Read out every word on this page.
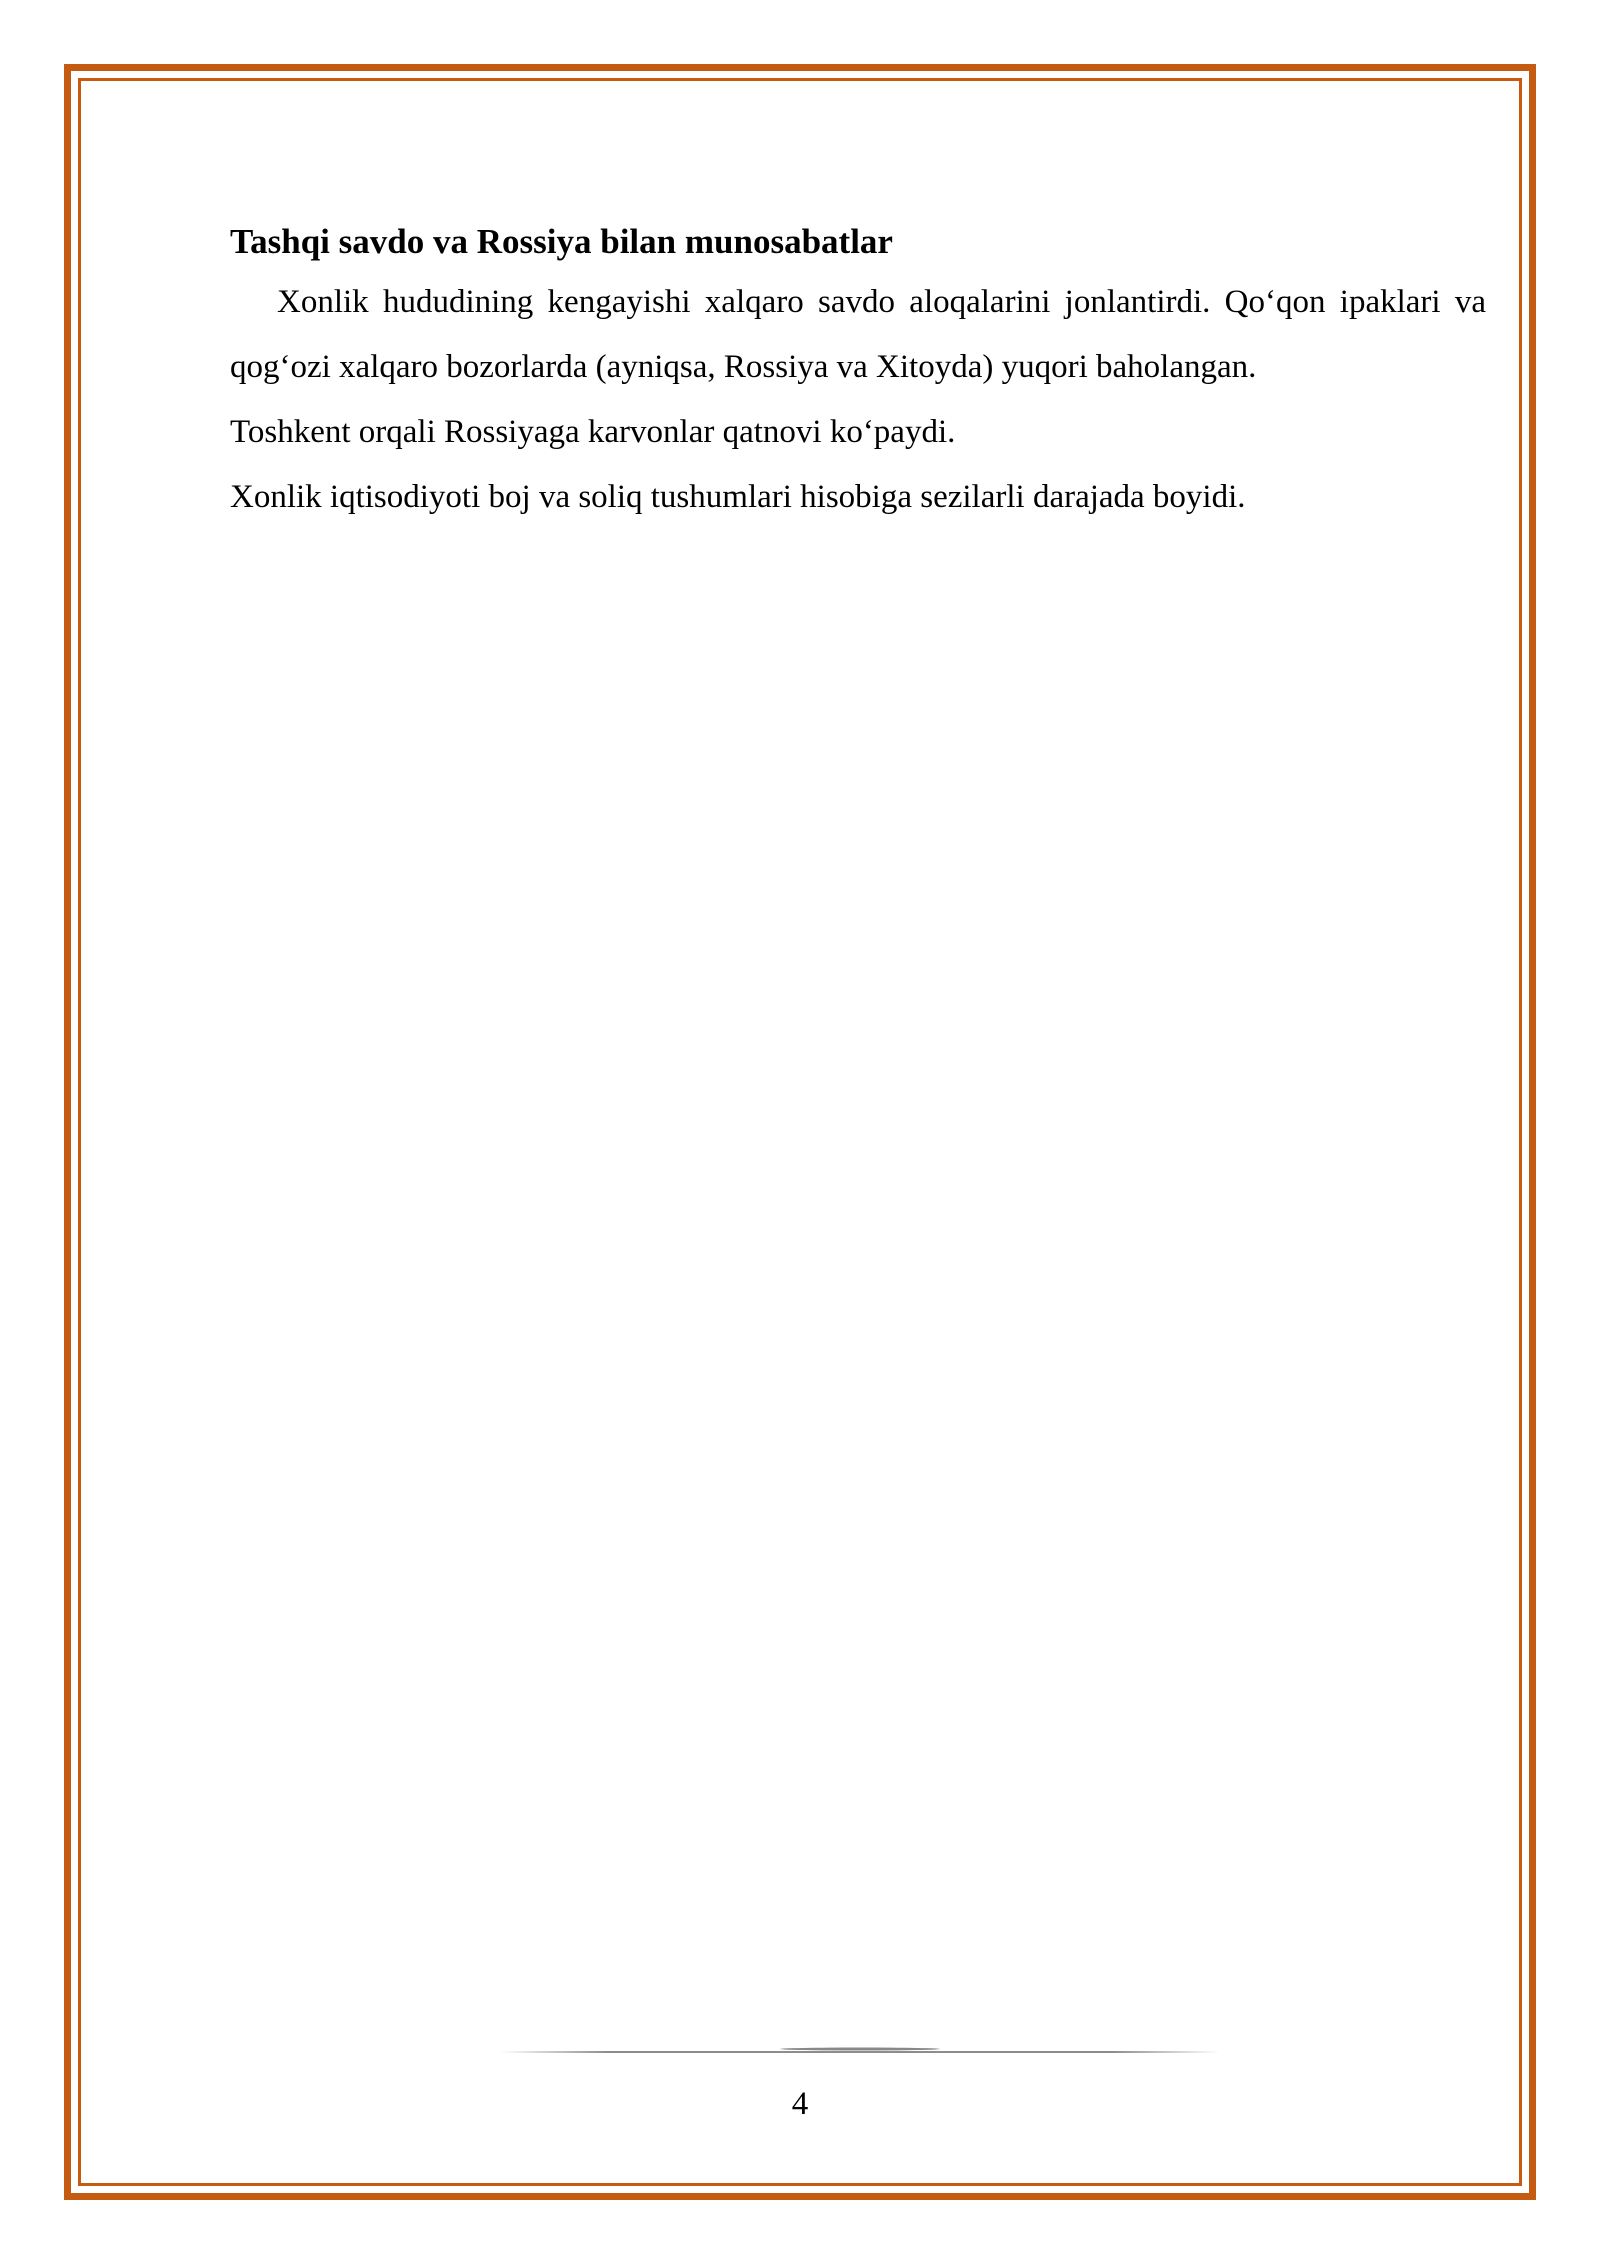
Tashqi savdo va Rossiya bilan munosabatlar

Xonlik hududining kengayishi xalqaro savdo aloqalarini jonlantirdi. Qo‘qon ipaklari va qog‘ozi xalqaro bozorlarda (ayniqsa, Rossiya va Xitoyda) yuqori baholangan.

Toshkent orqali Rossiyaga karvonlar qatnovi ko‘paydi.

Xonlik iqtisodiyoti boj va soliq tushumlari hisobiga sezilarli darajada boyidi.

4
